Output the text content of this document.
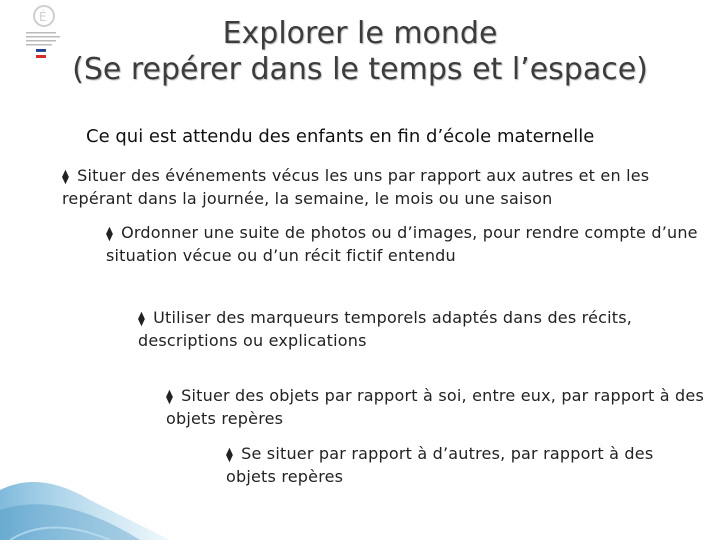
É	Explorer le monde
(Se repérer dans le temps et l’espace)
Ce qui est attendu des enfants en fin d’école maternelle
⧫ Situer des événements vécus les uns par rapport aux autres et en les repérant dans la journée, la semaine, le mois ou une saison
⧫ Ordonner une suite de photos ou d’images, pour rendre compte d’une situation vécue ou d’un récit fictif entendu
⧫ Utiliser des marqueurs temporels adaptés dans des récits, descriptions ou explications
⧫ Situer des objets par rapport à soi, entre eux, par rapport à des objets repères
⧫ Se situer par rapport à d’autres, par rapport à des objets repères
